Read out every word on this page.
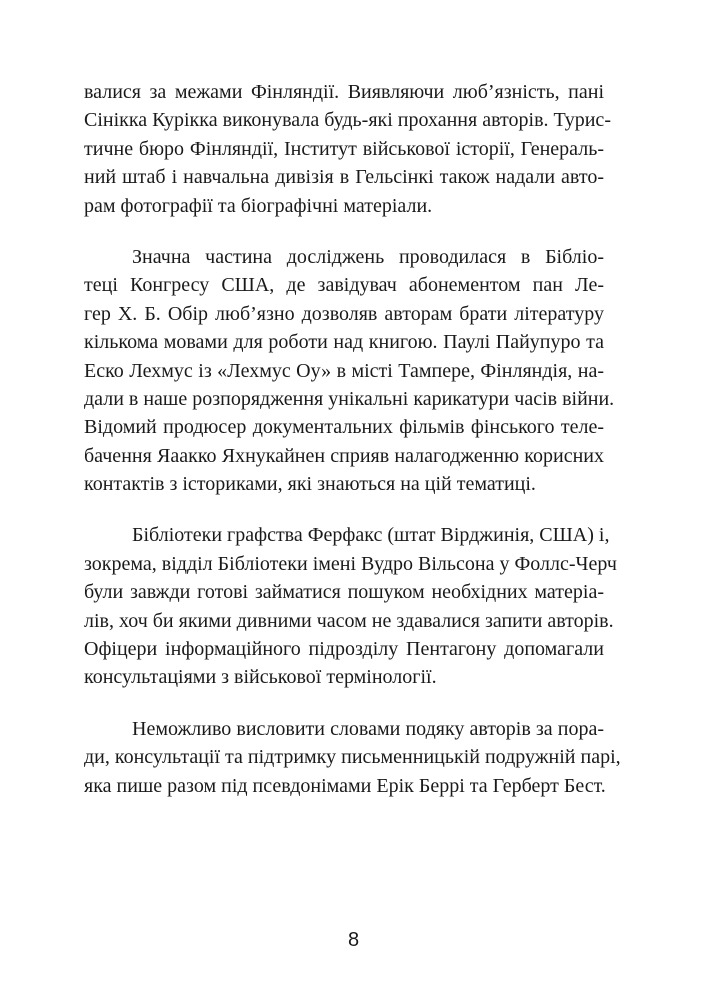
валися за межами Фінляндії. Виявляючи люб’язність, пані
Сінікка Курікка виконувала будь-які прохання авторів. Турис-
тичне бюро Фінляндії, Інститут військової історії, Генераль-
ний штаб і навчальна дивізія в Гельсінкі також надали авто-
рам фотографії та біографічні матеріали.

Значна частина досліджень проводилася в Бібліо-
теці Конгресу США, де завідувач абонементом пан Ле-
гер Х. Б. Обір люб’язно дозволяв авторам брати літературу
кількома мовами для роботи над книгою. Паулі Пайупуро та
Еско Лехмус із «Лехмус Оу» в місті Тампере, Фінляндія, на-
дали в наше розпорядження унікальні карикатури часів війни.
Відомий продюсер документальних фільмів фінського теле-
бачення Яаакко Яхнукайнен сприяв налагодженню корисних
контактів з істориками, які знаються на цій тематиці.

Бібліотеки графства Ферфакс (штат Вірджинія, США) і,
зокрема, відділ Бібліотеки імені Вудро Вільсона у Фоллс-Черч
були завжди готові займатися пошуком необхідних матеріа-
лів, хоч би якими дивними часом не здавалися запити авторів.
Офіцери інформаційного підрозділу Пентагону допомагали
консультаціями з військової термінології.

Неможливо висловити словами подяку авторів за пора-
ди, консультації та підтримку письменницькій подружній парі,
яка пише разом під псевдонімами Ерік Беррі та Герберт Бест.

8
